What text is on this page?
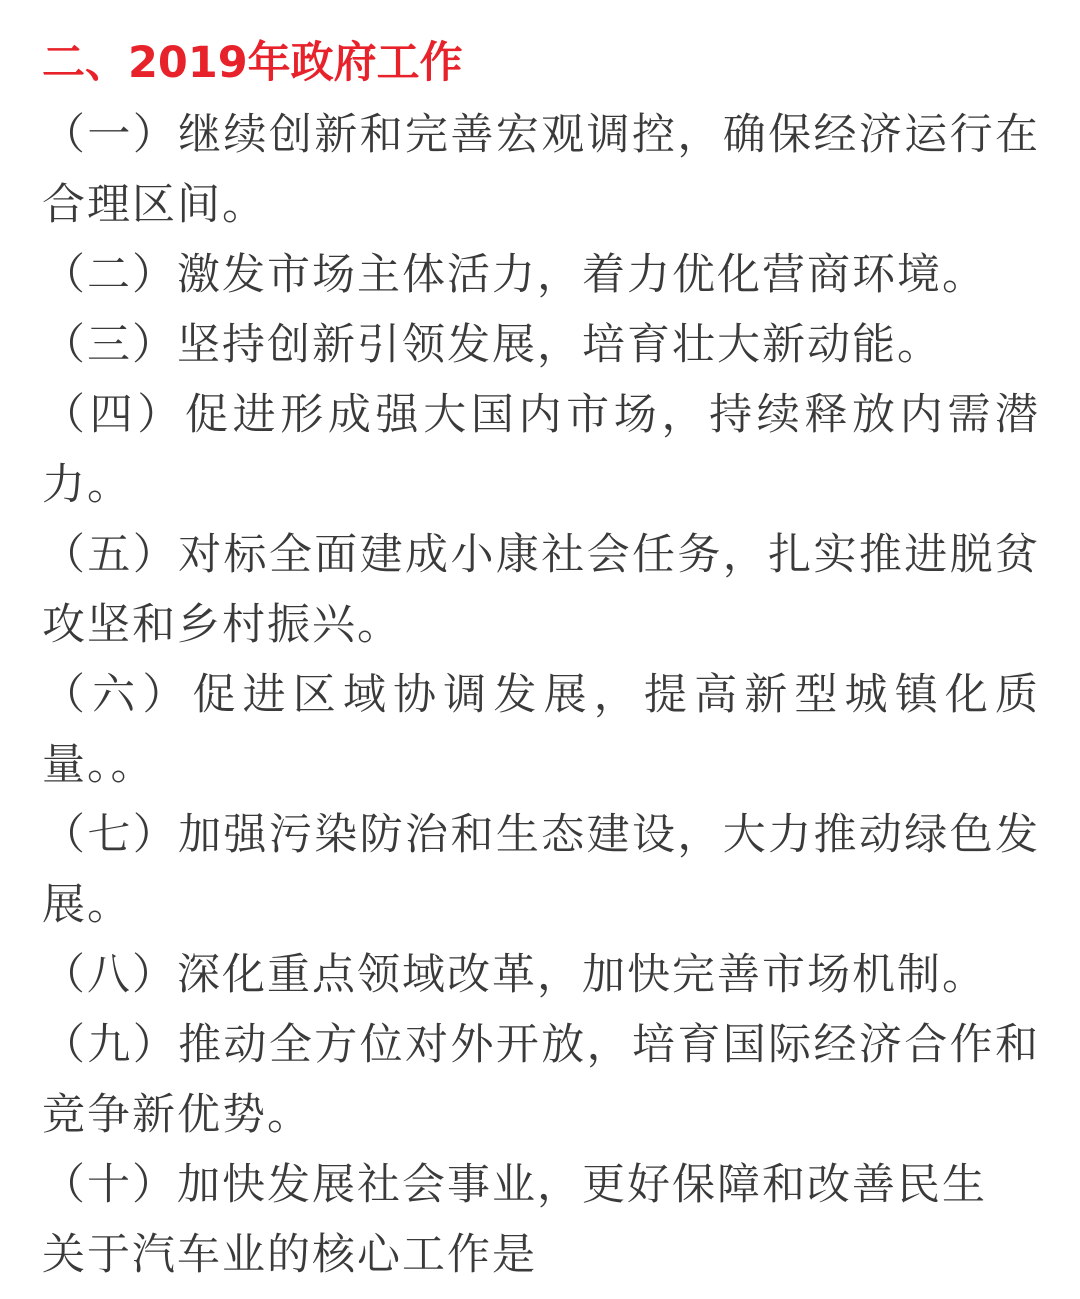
二、2019年政府工作

（一）继续创新和完善宏观调控，确保经济运行在合理区间。

（二）激发市场主体活力，着力优化营商环境。

（三）坚持创新引领发展，培育壮大新动能。

（四）促进形成强大国内市场，持续释放内需潜力。

（五）对标全面建成小康社会任务，扎实推进脱贫攻坚和乡村振兴。

（六）促进区域协调发展，提高新型城镇化质量。。

（七）加强污染防治和生态建设，大力推动绿色发展。

（八）深化重点领域改革，加快完善市场机制。

（九）推动全方位对外开放，培育国际经济合作和竞争新优势。

（十）加快发展社会事业，更好保障和改善民生

关于汽车业的核心工作是
